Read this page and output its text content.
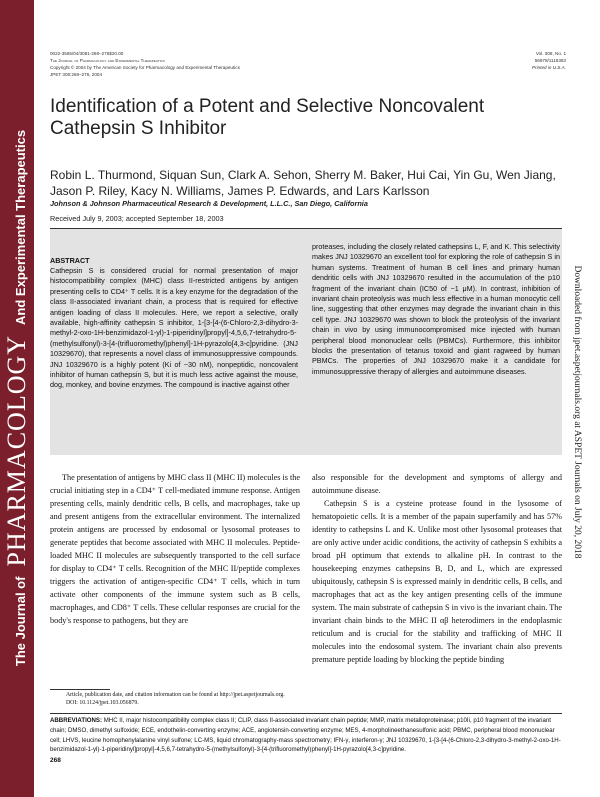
The Journal of PHARMACOLOGY And Experimental Therapeutics
0022-3565/04/3081-268–276$20.00
The Journal of Pharmacology and Experimental Therapeutics
Copyright © 2004 by The American Society for Pharmacology and Experimental Therapeutics
JPET 308:268–276, 2004
Vol. 308, No. 1
56978/1116363
Printed in U.S.A.
Identification of a Potent and Selective Noncovalent Cathepsin S Inhibitor
Robin L. Thurmond, Siquan Sun, Clark A. Sehon, Sherry M. Baker, Hui Cai, Yin Gu, Wen Jiang, Jason P. Riley, Kacy N. Williams, James P. Edwards, and Lars Karlsson
Johnson & Johnson Pharmaceutical Research & Development, L.L.C., San Diego, California
Received July 9, 2003; accepted September 18, 2003
ABSTRACT
Cathepsin S is considered crucial for normal presentation of major histocompatibility complex (MHC) class II-restricted antigens by antigen presenting cells to CD4⁺ T cells. It is a key enzyme for the degradation of the class II-associated invariant chain, a process that is required for effective antigen loading of class II molecules. Here, we report a selective, orally available, high-affinity cathepsin S inhibitor, 1-[3-[4-(6-Chloro-2,3-dihydro-3-methyl-2-oxo-1H-benzimidazol-1-yl)-1-piperidinyl]propyl]-4,5,6,7-tetrahydro-5-(methylsulfonyl)-3-[4-(trifluoromethyl)phenyl]-1H-pyrazolo[4,3-c]pyridine. (JNJ 10329670), that represents a novel class of immunosuppressive compounds. JNJ 10329670 is a highly potent (Ki of ~30 nM), nonpeptidic, noncovalent inhibitor of human cathepsin S, but it is much less active against the mouse, dog, monkey, and bovine enzymes. The compound is inactive against other
proteases, including the closely related cathepsins L, F, and K. This selectivity makes JNJ 10329670 an excellent tool for exploring the role of cathepsin S in human systems. Treatment of human B cell lines and primary human dendritic cells with JNJ 10329670 resulted in the accumulation of the p10 fragment of the invariant chain (IC50 of ~1 μM). In contrast, inhibition of invariant chain proteolysis was much less effective in a human monocytic cell line, suggesting that other enzymes may degrade the invariant chain in this cell type. JNJ 10329670 was shown to block the proteolysis of the invariant chain in vivo by using immunocompromised mice injected with human peripheral blood mononuclear cells (PBMCs). Furthermore, this inhibitor blocks the presentation of tetanus toxoid and giant ragweed by human PBMCs. The properties of JNJ 10329670 make it a candidate for immunosuppressive therapy of allergies and autoimmune diseases.	Downloaded from jpet.aspetjournals.org at ASPET Journals on July 20, 2018

The presentation of antigens by MHC class II (MHC II) molecules is the crucial initiating step in a CD4⁺ T cell-mediated immune response. Antigen presenting cells, mainly dendritic cells, B cells, and macrophages, take up and present antigens from the extracellular environment. The internalized protein antigens are processed by endosomal or lysosomal proteases to generate peptides that become associated with MHC II molecules. Peptide-loaded MHC II molecules are subsequently transported to the cell surface for display to CD4⁺ T cells. Recognition of the MHC II/peptide complexes triggers the activation of antigen-specific CD4⁺ T cells, which in turn activate other components of the immune system such as B cells, macrophages, and CD8⁺ T cells. These cellular responses are crucial for the body's response to pathogens, but they are

also responsible for the development and symptoms of allergy and autoimmune disease.

Cathepsin S is a cysteine protease found in the lysosome of hematopoietic cells. It is a member of the papain superfamily and has 57% identity to cathepsins L and K. Unlike most other lysosomal proteases that are only active under acidic conditions, the activity of cathepsin S exhibits a broad pH optimum that extends to alkaline pH. In contrast to the housekeeping enzymes cathepsins B, D, and L, which are expressed ubiquitously, cathepsin S is expressed mainly in dendritic cells, B cells, and macrophages that act as the key antigen presenting cells of the immune system. The main substrate of cathepsin S in vivo is the invariant chain. The invariant chain binds to the MHC II αβ heterodimers in the endoplasmic reticulum and is crucial for the stability and trafficking of MHC II molecules into the endosomal system. The invariant chain also prevents premature peptide loading by blocking the peptide binding

Article, publication date, and citation information can be found at http://jpet.aspetjournals.org.
DOI: 10.1124/jpet.103.056879.
ABBREVIATIONS: MHC II, major histocompatibility complex class II; CLIP, class II-associated invariant chain peptide; MMP, matrix metalloproteinase; p10Ii, p10 fragment of the invariant chain; DMSO, dimethyl sulfoxide; ECE, endothelin-converting enzyme; ACE, angiotensin-converting enzyme; MES, 4-morpholineethanesulfonic acid; PBMC, peripheral blood mononuclear cell; LHVS, leucine homophenylalanine vinyl sulfone; LC-MS, liquid chromatography-mass spectrometry; IFN-γ, interferon-γ; JNJ 10329670, 1-[3-[4-(6-Chloro-2,3-dihydro-3-methyl-2-oxo-1H-benzimidazol-1-yl)-1-piperidinyl]propyl]-4,5,6,7-tetrahydro-5-(methylsulfonyl)-3-[4-(trifluoromethyl)phenyl]-1H-pyrazolo[4,3-c]pyridine.
268
